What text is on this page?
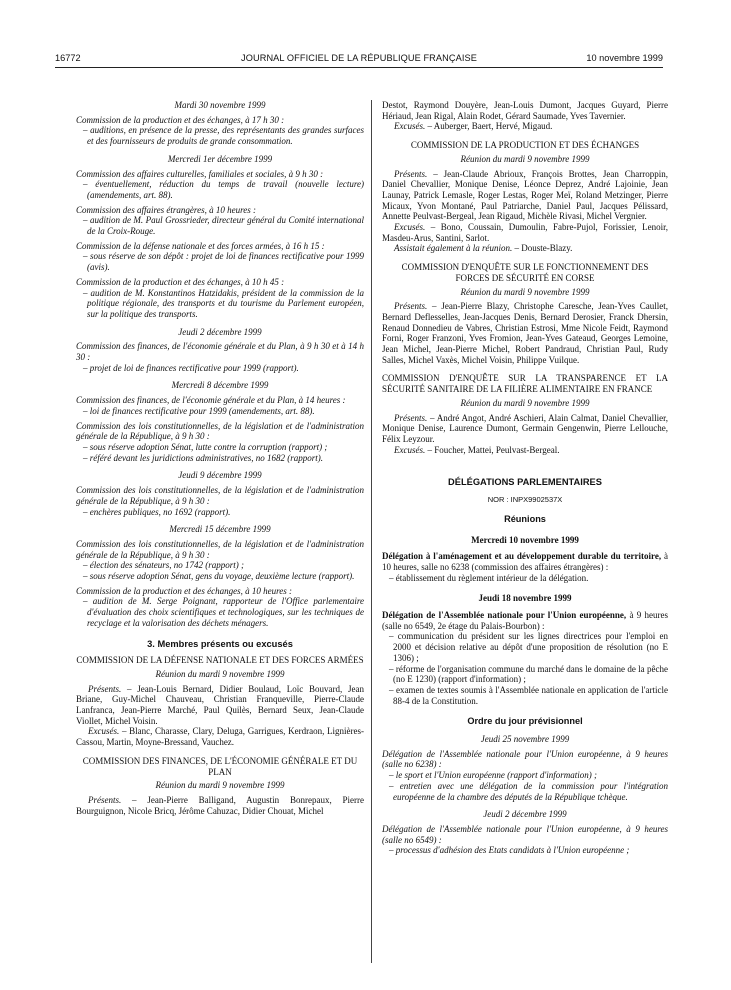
16772	JOURNAL OFFICIEL DE LA RÉPUBLIQUE FRANÇAISE	10 novembre 1999

Mardi 30 novembre 1999

Commission de la production et des échanges, à 17 h 30 :

– auditions, en présence de la presse, des représentants des grandes surfaces et des fournisseurs de produits de grande consommation.

Mercredi 1er décembre 1999

Commission des affaires culturelles, familiales et sociales, à 9 h 30 :

– éventuellement, réduction du temps de travail (nouvelle lecture) (amendements, art. 88).

Commission des affaires étrangères, à 10 heures :

– audition de M. Paul Grossrieder, directeur général du Comité international de la Croix-Rouge.

Commission de la défense nationale et des forces armées, à 16 h 15 :

– sous réserve de son dépôt : projet de loi de finances rectificative pour 1999 (avis).

Commission de la production et des échanges, à 10 h 45 :

– audition de M. Konstantinos Hatzidakis, président de la commission de la politique régionale, des transports et du tourisme du Parlement européen, sur la politique des transports.

Jeudi 2 décembre 1999

Commission des finances, de l'économie générale et du Plan, à 9 h 30 et à 14 h 30 :

– projet de loi de finances rectificative pour 1999 (rapport).

Mercredi 8 décembre 1999

Commission des finances, de l'économie générale et du Plan, à 14 heures :

– loi de finances rectificative pour 1999 (amendements, art. 88).

Commission des lois constitutionnelles, de la législation et de l'administration générale de la République, à 9 h 30 :

– sous réserve adoption Sénat, lutte contre la corruption (rapport) ;

– référé devant les juridictions administratives, no 1682 (rapport).

Jeudi 9 décembre 1999

Commission des lois constitutionnelles, de la législation et de l'administration générale de la République, à 9 h 30 :

– enchères publiques, no 1692 (rapport).

Mercredi 15 décembre 1999

Commission des lois constitutionnelles, de la législation et de l'administration générale de la République, à 9 h 30 :

– élection des sénateurs, no 1742 (rapport) ;

– sous réserve adoption Sénat, gens du voyage, deuxième lecture (rapport).

Commission de la production et des échanges, à 10 heures :

– audition de M. Serge Poignant, rapporteur de l'Office parlementaire d'évaluation des choix scientifiques et technologiques, sur les techniques de recyclage et la valorisation des déchets ménagers.

3. Membres présents ou excusés

COMMISSION DE LA DÉFENSE NATIONALE ET DES FORCES ARMÉES

Réunion du mardi 9 novembre 1999

Présents. – Jean-Louis Bernard, Didier Boulaud, Loïc Bouvard, Jean Briane, Guy-Michel Chauveau, Christian Franqueville, Pierre-Claude Lanfranca, Jean-Pierre Marché, Paul Quilès, Bernard Seux, Jean-Claude Viollet, Michel Voisin.

Excusés. – Blanc, Charasse, Clary, Deluga, Garrigues, Kerdraon, Lignières-Cassou, Martin, Moyne-Bressand, Vauchez.

COMMISSION DES FINANCES, DE L'ÉCONOMIE GÉNÉRALE ET DU PLAN

Réunion du mardi 9 novembre 1999

Présents. – Jean-Pierre Balligand, Augustin Bonrepaux, Pierre Bourguignon, Nicole Bricq, Jérôme Cahuzac, Didier Chouat, Michel

Destot, Raymond Douyère, Jean-Louis Dumont, Jacques Guyard, Pierre Hériaud, Jean Rigal, Alain Rodet, Gérard Saumade, Yves Tavernier.

Excusés. – Auberger, Baert, Hervé, Migaud.

COMMISSION DE LA PRODUCTION ET DES ÉCHANGES

Réunion du mardi 9 novembre 1999

Présents. – Jean-Claude Abrioux, François Brottes, Jean Charroppin, Daniel Chevallier, Monique Denise, Léonce Deprez, André Lajoinie, Jean Launay, Patrick Lemasle, Roger Lestas, Roger Meï, Roland Metzinger, Pierre Micaux, Yvon Montané, Paul Patriarche, Daniel Paul, Jacques Pélissard, Annette Peulvast-Bergeal, Jean Rigaud, Michèle Rivasi, Michel Vergnier.

Excusés. – Bono, Coussain, Dumoulin, Fabre-Pujol, Forissier, Lenoir, Masdeu-Arus, Santini, Sarlot.

Assistait également à la réunion. – Douste-Blazy.

COMMISSION D'ENQUÊTE SUR LE FONCTIONNEMENT DES FORCES DE SÉCURITÉ EN CORSE

Réunion du mardi 9 novembre 1999

Présents. – Jean-Pierre Blazy, Christophe Caresche, Jean-Yves Caullet, Bernard Deflesselles, Jean-Jacques Denis, Bernard Derosier, Franck Dhersin, Renaud Donnedieu de Vabres, Christian Estrosi, Mme Nicole Feidt, Raymond Forni, Roger Franzoni, Yves Fromion, Jean-Yves Gateaud, Georges Lemoine, Jean Michel, Jean-Pierre Michel, Robert Pandraud, Christian Paul, Rudy Salles, Michel Vaxès, Michel Voisin, Philippe Vuilque.

COMMISSION D'ENQUÊTE SUR LA TRANSPARENCE ET LA SÉCURITÉ SANITAIRE DE LA FILIÈRE ALIMENTAIRE EN FRANCE

Réunion du mardi 9 novembre 1999

Présents. – André Angot, André Aschieri, Alain Calmat, Daniel Chevallier, Monique Denise, Laurence Dumont, Germain Gengenwin, Pierre Lellouche, Félix Leyzour.

Excusés. – Foucher, Mattei, Peulvast-Bergeal.

DÉLÉGATIONS PARLEMENTAIRES

NOR : INPX9902537X

Réunions

Mercredi 10 novembre 1999

Délégation à l'aménagement et au développement durable du territoire, à 10 heures, salle no 6238 (commission des affaires étrangères) :

– établissement du règlement intérieur de la délégation.

Jeudi 18 novembre 1999

Délégation de l'Assemblée nationale pour l'Union européenne, à 9 heures (salle no 6549, 2e étage du Palais-Bourbon) :

– communication du président sur les lignes directrices pour l'emploi en 2000 et décision relative au dépôt d'une proposition de résolution (no E 1306) ;

– réforme de l'organisation commune du marché dans le domaine de la pêche (no E 1230) (rapport d'information) ;

– examen de textes soumis à l'Assemblée nationale en application de l'article 88-4 de la Constitution.

Ordre du jour prévisionnel

Jeudi 25 novembre 1999

Délégation de l'Assemblée nationale pour l'Union européenne, à 9 heures (salle no 6238) :

– le sport et l'Union européenne (rapport d'information) ;

– entretien avec une délégation de la commission pour l'intégration européenne de la chambre des députés de la République tchèque.

Jeudi 2 décembre 1999

Délégation de l'Assemblée nationale pour l'Union européenne, à 9 heures (salle no 6549) :

– processus d'adhésion des Etats candidats à l'Union européenne ;
